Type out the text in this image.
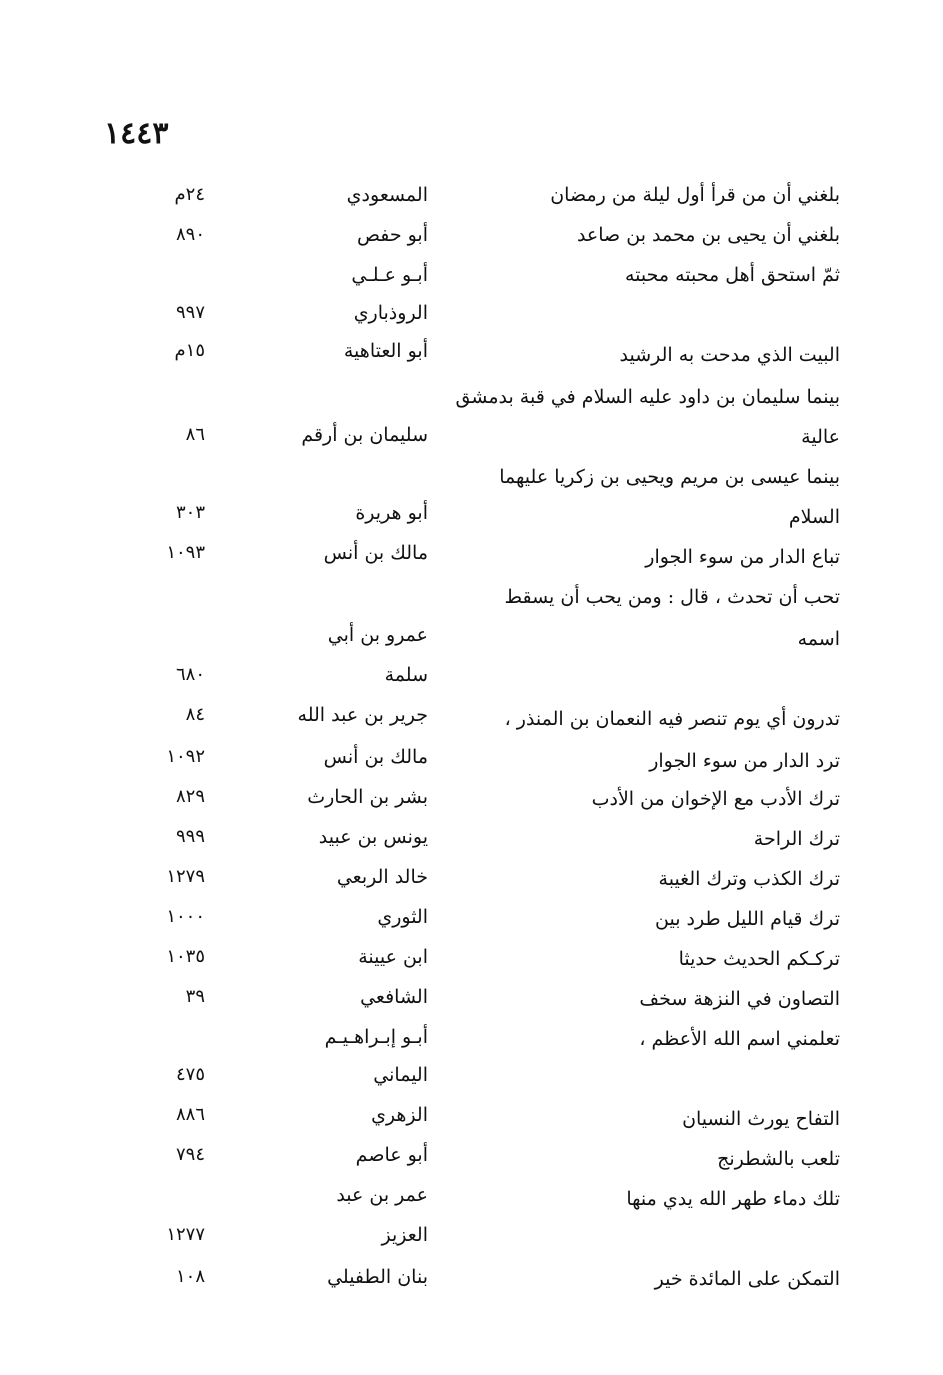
١٤٤٣
بلغني أن من قرأ أول ليلة من رمضان
المسعودي
٢٤م
بلغني أن يحيى بن محمد بن صاعد
أبو حفص
٨٩٠
ثمّ استحق أهل محبته محبته
أبـو عـلـي
الروذباري
٩٩٧
البيت الذي مدحت به الرشيد
أبو العتاهية
١٥م
بينما سليمان بن داود عليه السلام في قبة بدمشق
عالية
سليمان بن أرقم
٨٦
بينما عيسى بن مريم ويحيى بن زكريا عليهما
السلام
أبو هريرة
٣٠٣
تباع الدار من سوء الجوار
مالك بن أنس
١٠٩٣
تحب أن تحدث ، قال : ومن يحب أن يسقط
اسمه
عمرو بن أبي
سلمة
٦٨٠
تدرون أي يوم تنصر فيه النعمان بن المنذر ،
جرير بن عبد الله
٨٤
ترد الدار من سوء الجوار
مالك بن أنس
١٠٩٢
ترك الأدب مع الإخوان من الأدب
بشر بن الحارث
٨٢٩
ترك الراحة
يونس بن عبيد
٩٩٩
ترك الكذب وترك الغيبة
خالد الربعي
١٢٧٩
ترك قيام الليل طرد بين
الثوري
١٠٠٠
تركـكم الحديث حديثا
ابن عيينة
١٠٣٥
التصاون في النزهة سخف
الشافعي
٣٩
تعلمني اسم الله الأعظم ،
أبـو إبـراهـيـم
اليماني
٤٧٥
التفاح يورث النسيان
الزهري
٨٨٦
تلعب بالشطرنج
أبو عاصم
٧٩٤
تلك دماء طهر الله يدي منها
عمر بن عبد
العزيز
١٢٧٧
التمكن على المائدة خير
بنان الطفيلي
١٠٨
